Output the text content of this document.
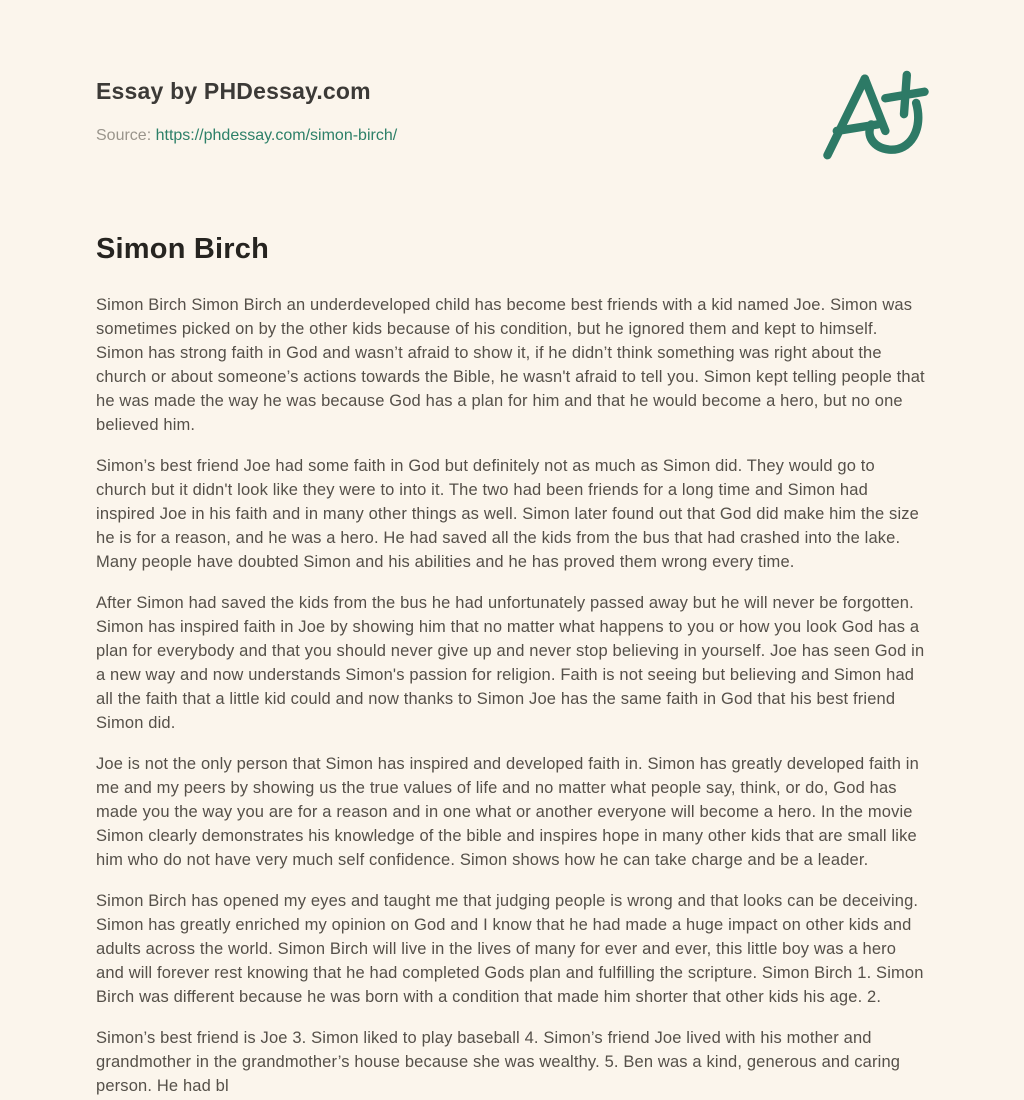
Essay by PHDessay.com

Source: https://phdessay.com/simon-birch/

Simon Birch

Simon Birch Simon Birch an underdeveloped child has become best friends with a kid named Joe. Simon was sometimes picked on by the other kids because of his condition, but he ignored them and kept to himself. Simon has strong faith in God and wasn’t afraid to show it, if he didn’t think something was right about the church or about someone’s actions towards the Bible, he wasn't afraid to tell you. Simon kept telling people that he was made the way he was because God has a plan for him and that he would become a hero, but no one believed him.

Simon’s best friend Joe had some faith in God but definitely not as much as Simon did. They would go to church but it didn't look like they were to into it. The two had been friends for a long time and Simon had inspired Joe in his faith and in many other things as well. Simon later found out that God did make him the size he is for a reason, and he was a hero. He had saved all the kids from the bus that had crashed into the lake. Many people have doubted Simon and his abilities and he has proved them wrong every time.

After Simon had saved the kids from the bus he had unfortunately passed away but he will never be forgotten. Simon has inspired faith in Joe by showing him that no matter what happens to you or how you look God has a plan for everybody and that you should never give up and never stop believing in yourself. Joe has seen God in a new way and now understands Simon's passion for religion. Faith is not seeing but believing and Simon had all the faith that a little kid could and now thanks to Simon Joe has the same faith in God that his best friend Simon did.

Joe is not the only person that Simon has inspired and developed faith in. Simon has greatly developed faith in me and my peers by showing us the true values of life and no matter what people say, think, or do, God has made you the way you are for a reason and in one what or another everyone will become a hero. In the movie Simon clearly demonstrates his knowledge of the bible and inspires hope in many other kids that are small like him who do not have very much self confidence. Simon shows how he can take charge and be a leader.

Simon Birch has opened my eyes and taught me that judging people is wrong and that looks can be deceiving. Simon has greatly enriched my opinion on God and I know that he had made a huge impact on other kids and adults across the world. Simon Birch will live in the lives of many for ever and ever, this little boy was a hero and will forever rest knowing that he had completed Gods plan and fulfilling the scripture. Simon Birch 1. Simon Birch was different because he was born with a condition that made him shorter that other kids his age. 2.

Simon’s best friend is Joe 3. Simon liked to play baseball 4. Simon’s friend Joe lived with his mother and grandmother in the grandmother’s house because she was wealthy. 5. Ben was a kind, generous and caring person. He had bl
